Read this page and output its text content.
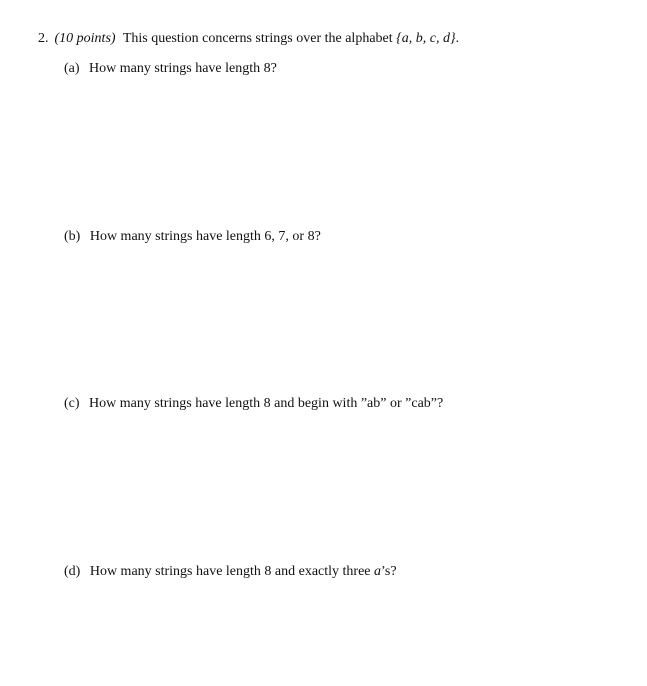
2. (10 points) This question concerns strings over the alphabet {a, b, c, d}.
(a) How many strings have length 8?
(b) How many strings have length 6, 7, or 8?
(c) How many strings have length 8 and begin with ”ab” or ”cab”?
(d) How many strings have length 8 and exactly three a’s?
